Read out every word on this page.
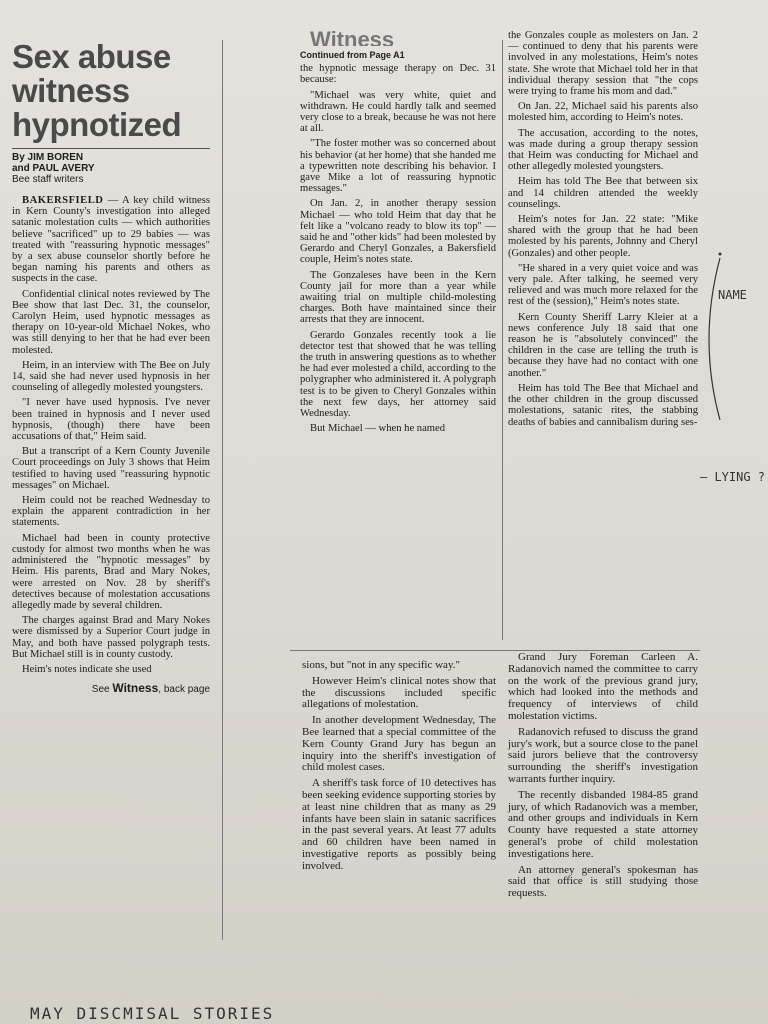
Sex abuse
witness
hypnotized
By JIM BOREN
and PAUL AVERY
Bee staff writers

BAKERSFIELD — A key child witness in Kern County's investigation into alleged satanic molestation cults — which authorities believe "sacrificed" up to 29 babies — was treated with "reassuring hypnotic messages" by a sex abuse counselor shortly before he began naming his parents and others as suspects in the case.

Confidential clinical notes reviewed by The Bee show that last Dec. 31, the counselor, Carolyn Heim, used hypnotic messages as therapy on 10-year-old Michael Nokes, who was still denying to her that he had ever been molested.

Heim, in an interview with The Bee on July 14, said she had never used hypnosis in her counseling of allegedly molested youngsters.

"I never have used hypnosis. I've never been trained in hypnosis and I never used hypnosis, (though) there have been accusations of that," Heim said.

But a transcript of a Kern County Juvenile Court proceedings on July 3 shows that Heim testified to having used "reassuring hypnotic messages" on Michael.

Heim could not be reached Wednesday to explain the apparent contradiction in her statements.

Michael had been in county protective custody for almost two months when he was administered the "hypnotic messages" by Heim. His parents, Brad and Mary Nokes, were arrested on Nov. 28 by sheriff's detectives because of molestation accusations allegedly made by several children.

The charges against Brad and Mary Nokes were dismissed by a Superior Court judge in May, and both have passed polygraph tests. But Michael still is in county custody.

Heim's notes indicate she used

See Witness, back page
Witness
Continued from Page A1

the hypnotic message therapy on Dec. 31 because:

"Michael was very white, quiet and withdrawn. He could hardly talk and seemed very close to a break, because he was not here at all.

"The foster mother was so concerned about his behavior (at her home) that she handed me a typewritten note describing his behavior. I gave Mike a lot of reassuring hypnotic messages."

On Jan. 2, in another therapy session Michael — who told Heim that day that he felt like a "volcano ready to blow its top" — said he and "other kids" had been molested by Gerardo and Cheryl Gonzales, a Bakersfield couple, Heim's notes state.

The Gonzaleses have been in the Kern County jail for more than a year while awaiting trial on multiple child-molesting charges. Both have maintained since their arrests that they are innocent.

Gerardo Gonzales recently took a lie detector test that showed that he was telling the truth in answering questions as to whether he had ever molested a child, according to the polygrapher who administered it. A polygraph test is to be given to Cheryl Gonzales within the next few days, her attorney said Wednesday.

But Michael — when he named

the Gonzales couple as molesters on Jan. 2 — continued to deny that his parents were involved in any molestations, Heim's notes state. She wrote that Michael told her in that individual therapy session that "the cops were trying to frame his mom and dad."

On Jan. 22, Michael said his parents also molested him, according to Heim's notes.

The accusation, according to the notes, was made during a group therapy session that Heim was conducting for Michael and other allegedly molested youngsters.

Heim has told The Bee that between six and 14 children attended the weekly counselings.

Heim's notes for Jan. 22 state: "Mike shared with the group that he had been molested by his parents, Johnny and Cheryl (Gonzales) and other people.

"He shared in a very quiet voice and was very pale. After talking, he seemed very relieved and was much more relaxed for the rest of the (session)," Heim's notes state.

Kern County Sheriff Larry Kleier at a news conference July 18 said that one reason he is "absolutely convinced" the children in the case are telling the truth is because they have had no contact with one another."

Heim has told The Bee that Michael and the other children in the group discussed molestations, satanic rites, the stabbing deaths of babies and cannibalism during ses-

sions, but "not in any specific way."

However Heim's clinical notes show that the discussions included specific allegations of molestation.

In another development Wednesday, The Bee learned that a special committee of the Kern County Grand Jury has begun an inquiry into the sheriff's investigation of child molest cases.

A sheriff's task force of 10 detectives has been seeking evidence supporting stories by at least nine children that as many as 29 infants have been slain in satanic sacrifices in the past several years. At least 77 adults and 60 children have been named in investigative reports as possibly being involved.

Grand Jury Foreman Carleen A. Radanovich named the committee to carry on the work of the previous grand jury, which had looked into the methods and frequency of interviews of child molestation victims.

Radanovich refused to discuss the grand jury's work, but a source close to the panel said jurors believe that the controversy surrounding the sheriff's investigation warrants further inquiry.

The recently disbanded 1984-85 grand jury, of which Radanovich was a member, and other groups and individuals in Kern County have requested a state attorney general's probe of child molestation investigations here.

An attorney general's spokesman has said that office is still studying those requests.

NAME
— LYING ?
MAY DISCMISAL STORIES
